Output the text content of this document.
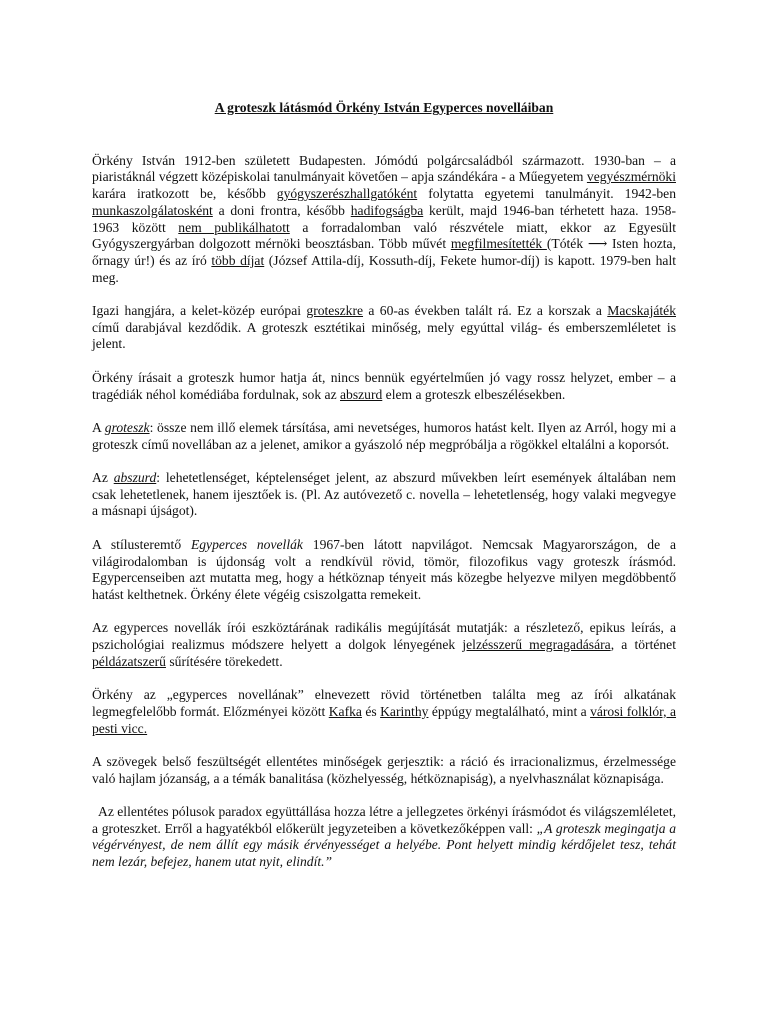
A groteszk látásmód Örkény István Egyperces novelláiban

Örkény István 1912-ben született Budapesten. Jómódú polgárcsaládból származott. 1930-ban – a piaristáknál végzett középiskolai tanulmányait követően – apja szándékára - a Műegyetem vegyészmérnöki karára iratkozott be, később gyógyszerészhallgatóként folytatta egyetemi tanulmányit. 1942-ben munkaszolgálatosként a doni frontra, később hadifogságba került, majd 1946-ban térhetett haza. 1958-1963 között nem publikálhatott a forradalomban való részvétele miatt, ekkor az Egyesült Gyógyszergyárban dolgozott mérnöki beosztásban. Több művét megfilmesítették (Tóték ⟶ Isten hozta, őrnagy úr!) és az író több díjat (József Attila-díj, Kossuth-díj, Fekete humor-díj) is kapott. 1979-ben halt meg.

Igazi hangjára, a kelet-közép európai groteszkre a 60-as években talált rá. Ez a korszak a Macskajáték című darabjával kezdődik. A groteszk esztétikai minőség, mely egyúttal világ- és emberszemléletet is jelent.

Örkény írásait a groteszk humor hatja át, nincs bennük egyértelműen jó vagy rossz helyzet, ember – a tragédiák néhol komédiába fordulnak, sok az abszurd elem a groteszk elbeszélésekben.

A groteszk: össze nem illő elemek társítása, ami nevetséges, humoros hatást kelt. Ilyen az Arról, hogy mi a groteszk című novellában az a jelenet, amikor a gyászoló nép megpróbálja a rögökkel eltalálni a koporsót.

Az abszurd: lehetetlenséget, képtelenséget jelent, az abszurd művekben leírt események általában nem csak lehetetlenek, hanem ijesztőek is. (Pl. Az autóvezető c. novella – lehetetlenség, hogy valaki megvegye a másnapi újságot).

A stílusteremtő Egyperces novellák 1967-ben látott napvilágot. Nemcsak Magyarországon, de a világirodalomban is újdonság volt a rendkívül rövid, tömör, filozofikus vagy groteszk írásmód. Egypercenseiben azt mutatta meg, hogy a hétköznap tényeit más közegbe helyezve milyen megdöbbentő hatást kelthetnek. Örkény élete végéig csiszolgatta remekeit.

Az egyperces novellák írói eszköztárának radikális megújítását mutatják: a részletező, epikus leírás, a pszichológiai realizmus módszere helyett a dolgok lényegének jelzésszerű megragadására, a történet példázatszerű sűrítésére törekedett.

Örkény az „egyperces novellának” elnevezett rövid történetben találta meg az írói alkatának legmegfelelőbb formát. Előzményei között Kafka és Karinthy éppúgy megtalálható, mint a városi folklór, a pesti vicc.

A szövegek belső feszültségét ellentétes minőségek gerjesztik: a ráció és irracionalizmus, érzelmessége való hajlam józanság, a a témák banalitása (közhelyesség, hétköznapiság), a nyelvhasználat köznapisága.

Az ellentétes pólusok paradox együttállása hozza létre a jellegzetes örkényi írásmódot és világszemléletet, a groteszket. Erről a hagyatékból előkerült jegyzeteiben a következőképpen vall: „A groteszk megingatja a végérvényest, de nem állít egy másik érvényességet a helyébe. Pont helyett mindig kérdőjelet tesz, tehát nem lezár, befejez, hanem utat nyit, elindít.”
